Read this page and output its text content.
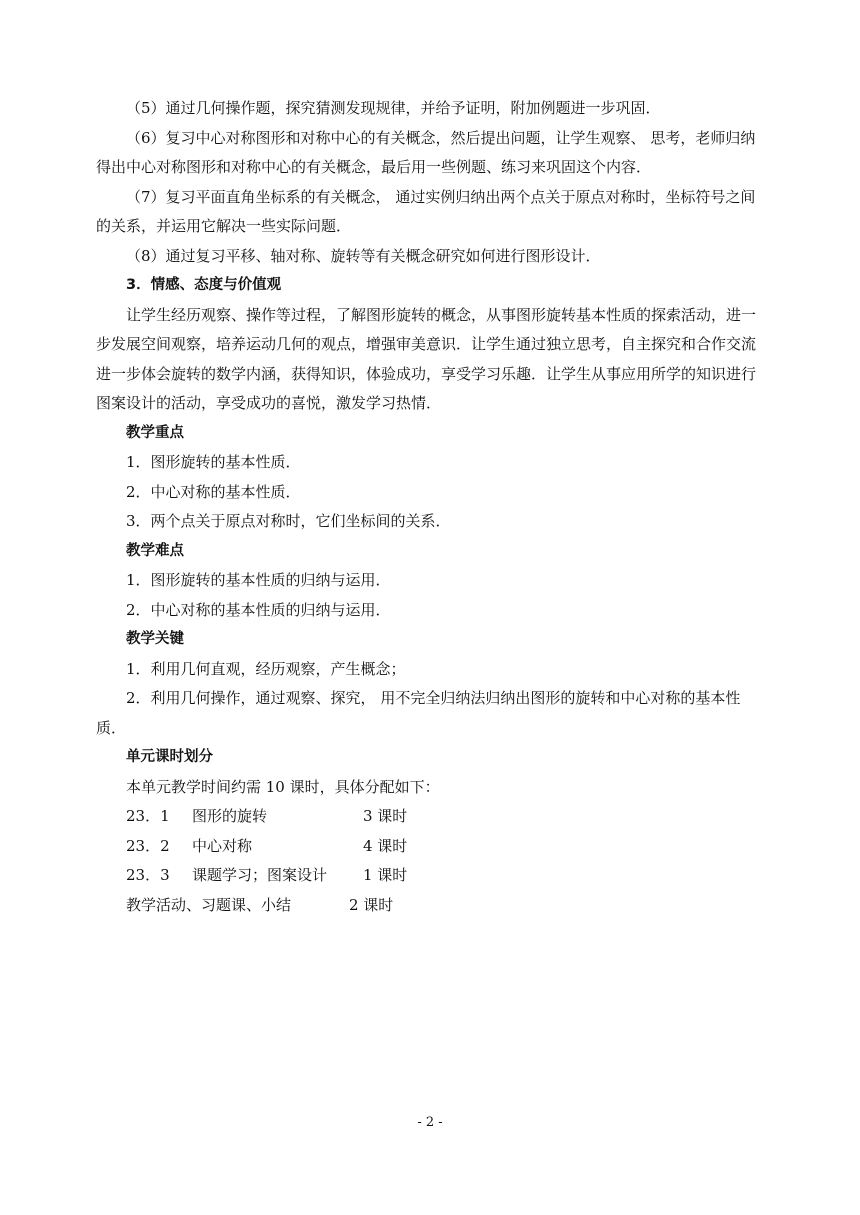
（5）通过几何操作题，探究猜测发现规律，并给予证明，附加例题进一步巩固．

（6）复习中心对称图形和对称中心的有关概念，然后提出问题，让学生观察、 思考，老师归纳得出中心对称图形和对称中心的有关概念，最后用一些例题、练习来巩固这个内容．

（7）复习平面直角坐标系的有关概念， 通过实例归纳出两个点关于原点对称时，坐标符号之间的关系，并运用它解决一些实际问题．

（8）通过复习平移、轴对称、旋转等有关概念研究如何进行图形设计．

3．情感、态度与价值观

让学生经历观察、操作等过程，了解图形旋转的概念，从事图形旋转基本性质的探索活动，进一步发展空间观察，培养运动几何的观点，增强审美意识．让学生通过独立思考，自主探究和合作交流进一步体会旋转的数学内涵，获得知识，体验成功，享受学习乐趣．让学生从事应用所学的知识进行图案设计的活动，享受成功的喜悦，激发学习热情．

教学重点

1．图形旋转的基本性质．

2．中心对称的基本性质．

3．两个点关于原点对称时，它们坐标间的关系．

教学难点

1．图形旋转的基本性质的归纳与运用．

2．中心对称的基本性质的归纳与运用．

教学关键

1．利用几何直观，经历观察，产生概念；

2．利用几何操作，通过观察、探究， 用不完全归纳法归纳出图形的旋转和中心对称的基本性质．

单元课时划分

本单元教学时间约需 10 课时，具体分配如下：

23．1	图形的旋转	3 课时
23．2	中心对称	4 课时
23．3	课题学习；图案设计	1 课时
教学活动、习题课、小结	2 课时
- 2 -
